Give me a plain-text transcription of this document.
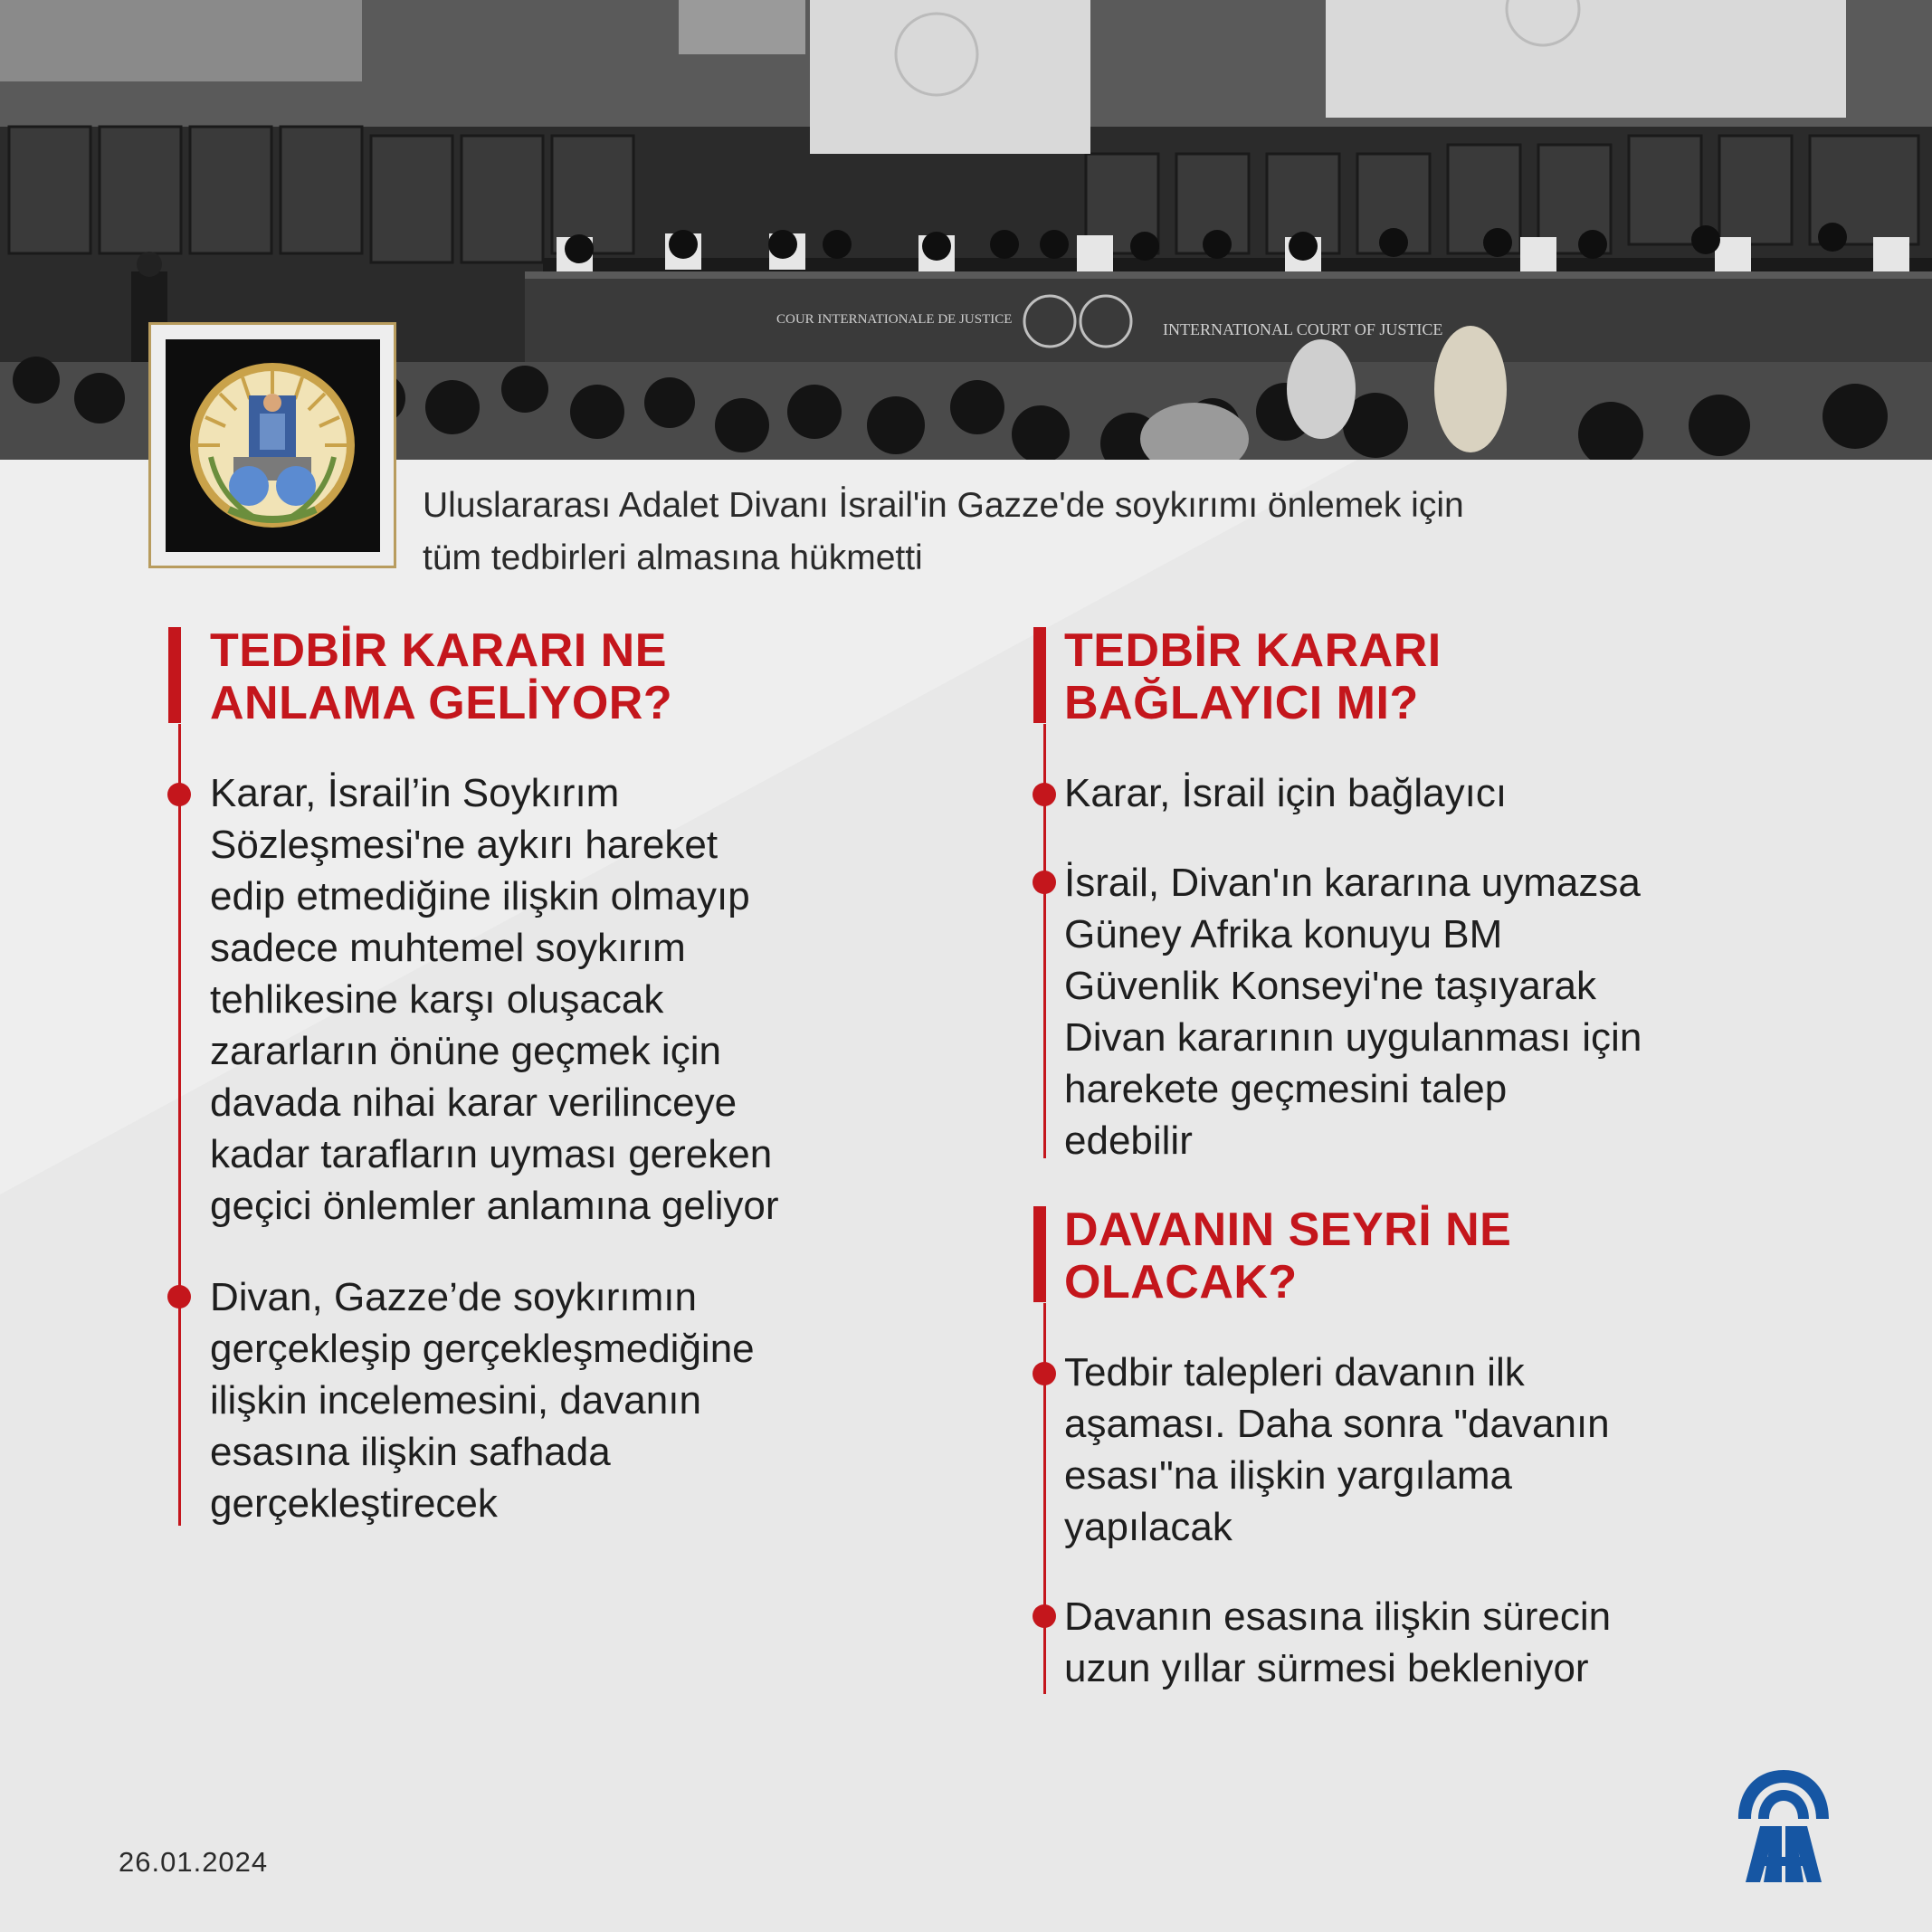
COUR INTERNATIONALE DE JUSTICE
INTERNATIONAL COURT OF JUSTICE
Uluslararası Adalet Divanı İsrail'in Gazze'de soykırımı önlemek için
tüm tedbirleri almasına hükmetti
TEDBİR KARARI NE
ANLAMA GELİYOR?
Karar, İsrail’in Soykırım
Sözleşmesi'ne aykırı hareket
edip etmediğine ilişkin olmayıp
sadece muhtemel soykırım
tehlikesine karşı oluşacak
zararların önüne geçmek için
davada nihai karar verilinceye
kadar tarafların uyması gereken
geçici önlemler anlamına geliyor
Divan, Gazze’de soykırımın
gerçekleşip gerçekleşmediğine
ilişkin incelemesini, davanın
esasına ilişkin safhada
gerçekleştirecek
TEDBİR KARARI
BAĞLAYICI MI?
Karar, İsrail için bağlayıcı
İsrail, Divan'ın kararına uymazsa
Güney Afrika konuyu BM
Güvenlik Konseyi'ne taşıyarak
Divan kararının uygulanması için
harekete geçmesini talep
edebilir
DAVANIN SEYRİ NE
OLACAK?
Tedbir talepleri davanın ilk
aşaması. Daha sonra "davanın
esası"na ilişkin yargılama
yapılacak
Davanın esasına ilişkin sürecin
uzun yıllar sürmesi bekleniyor
26.01.2024
